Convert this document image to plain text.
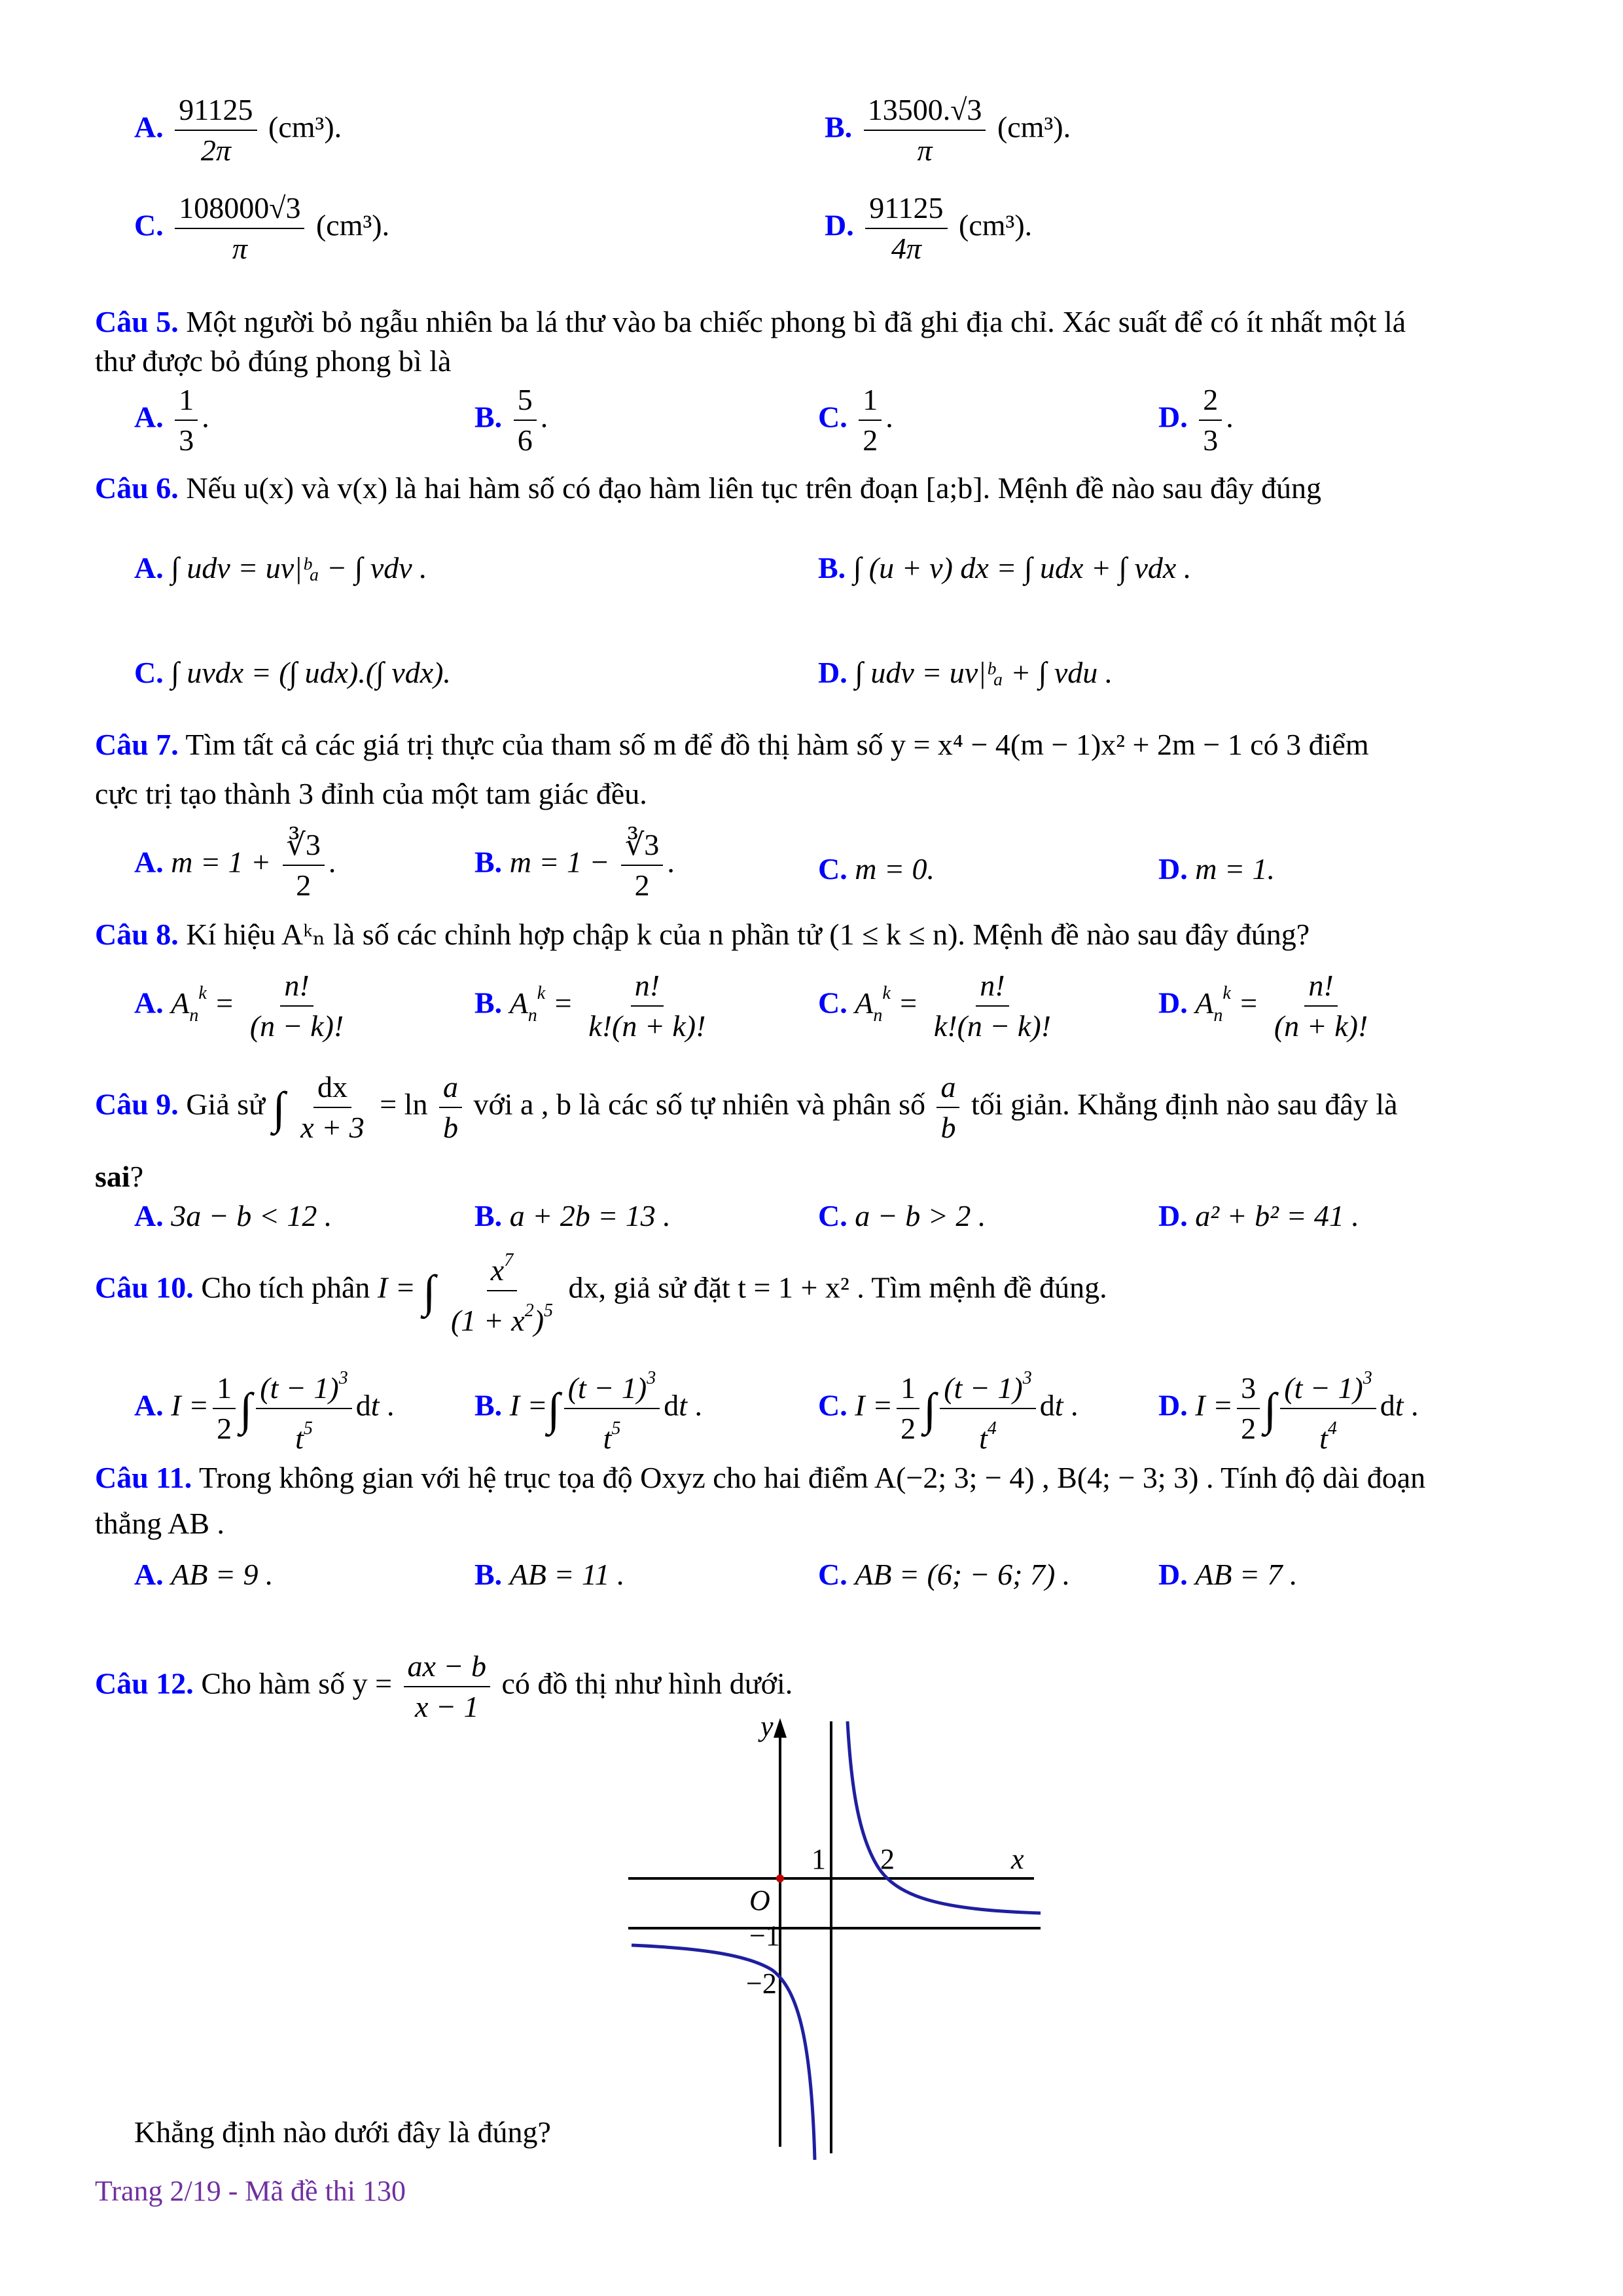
A. $\frac{91125}{2\pi} (cm^3)$.	B. $\frac{13500.√3}{\pi} (cm^3)$.
C. $\frac{108000√3}{\pi} (cm^3)$.	D. $\frac{91125}{4\pi} (cm^3)$.
Câu 5. Một người bỏ ngẫu nhiên ba lá thư vào ba chiếc phong bì đã ghi địa chỉ. Xác suất để có ít nhất một lá
thư được bỏ đúng phong bì là
A. $\frac{1}{3}$ .	B. $\frac{5}{6}$ .	C. $\frac{1}{2}$ .	D. $\frac{2}{3}$ .
Câu 6. Nếu u(x) và v(x) là hai hàm số có đạo hàm liên tục trên đoạn [a;b]. Mệnh đề nào sau đây đúng
A. ∫ udv = uv|ᵇₐ − ∫ vdv .	B. ∫ (u + v) dx = ∫ udx + ∫ vdx .
C. ∫ uvdx = (∫ udx).(∫ vdx).	D. ∫ udv = uv|ᵇₐ + ∫ vdu .
Câu 7. Tìm tất cả các giá trị thực của tham số m để đồ thị hàm số y = x⁴ − 4(m − 1)x² + 2m − 1 có 3 điểm
cực trị tạo thành 3 đỉnh của một tam giác đều.
A. $m = 1 + \frac{∛3}{2}$ .	B. $m = 1 - \frac{∛3}{2}$ .	C. m = 0.	D. m = 1.
Câu 8. Kí hiệu Aᵏₙ là số các chỉnh hợp chập k của n phần tử (1 ≤ k ≤ n). Mệnh đề nào sau đây đúng?
A. $A_n^k = \frac{n!}{(n - k)!}$	B. $A_n^k = \frac{n!}{k!(n + k)!}$	C. $A_n^k = \frac{n!}{k!(n - k)!}$	D. $A_n^k = \frac{n!}{(n + k)!}$
Câu 9. Giả sử ∫ $\frac{dx}{x + 3} = \ln \frac{a}{b}$ với a , b là các số tự nhiên và phân số $\frac{a}{b}$ tối giản. Khẳng định nào sau đây là
sai?
A. 3a − b < 12 .	B. a + 2b = 13 .	C. a − b > 2 .	D. a² + b² = 41 .
Câu 10. Cho tích phân I = ∫ $\frac{x^7}{(1 + x^2)^5}$ dx, giả sử đặt t = 1 + x² . Tìm mệnh đề đúng.
A. $I = \frac{1}{2}$ ∫ $\frac{(t - 1)^3}{t^5}$ dt .	B. I =∫ $\frac{(t - 1)^3}{t^5}$ dt .	C. $I = \frac{1}{2}$ ∫ $\frac{(t - 1)^3}{t^4}$ dt .	D. $I = \frac{3}{2}$ ∫ $\frac{(t - 1)^3}{t^4}$ dt .
Câu 11. Trong không gian với hệ trục tọa độ Oxyz cho hai điểm A(−2; 3; − 4) , B(4; − 3; 3) . Tính độ dài đoạn
thẳng AB .
A. AB = 9 .	B. AB = 11 .	C. AB = (6; − 6; 7) .	D. AB = 7 .
Câu 12. Cho hàm số $y = \frac{ax - b}{x - 1}$ có đồ thị như hình dưới.
y
x
O
1 2
−1
−2
Khẳng định nào dưới đây là đúng?
Trang 2/19 - Mã đề thi 130
